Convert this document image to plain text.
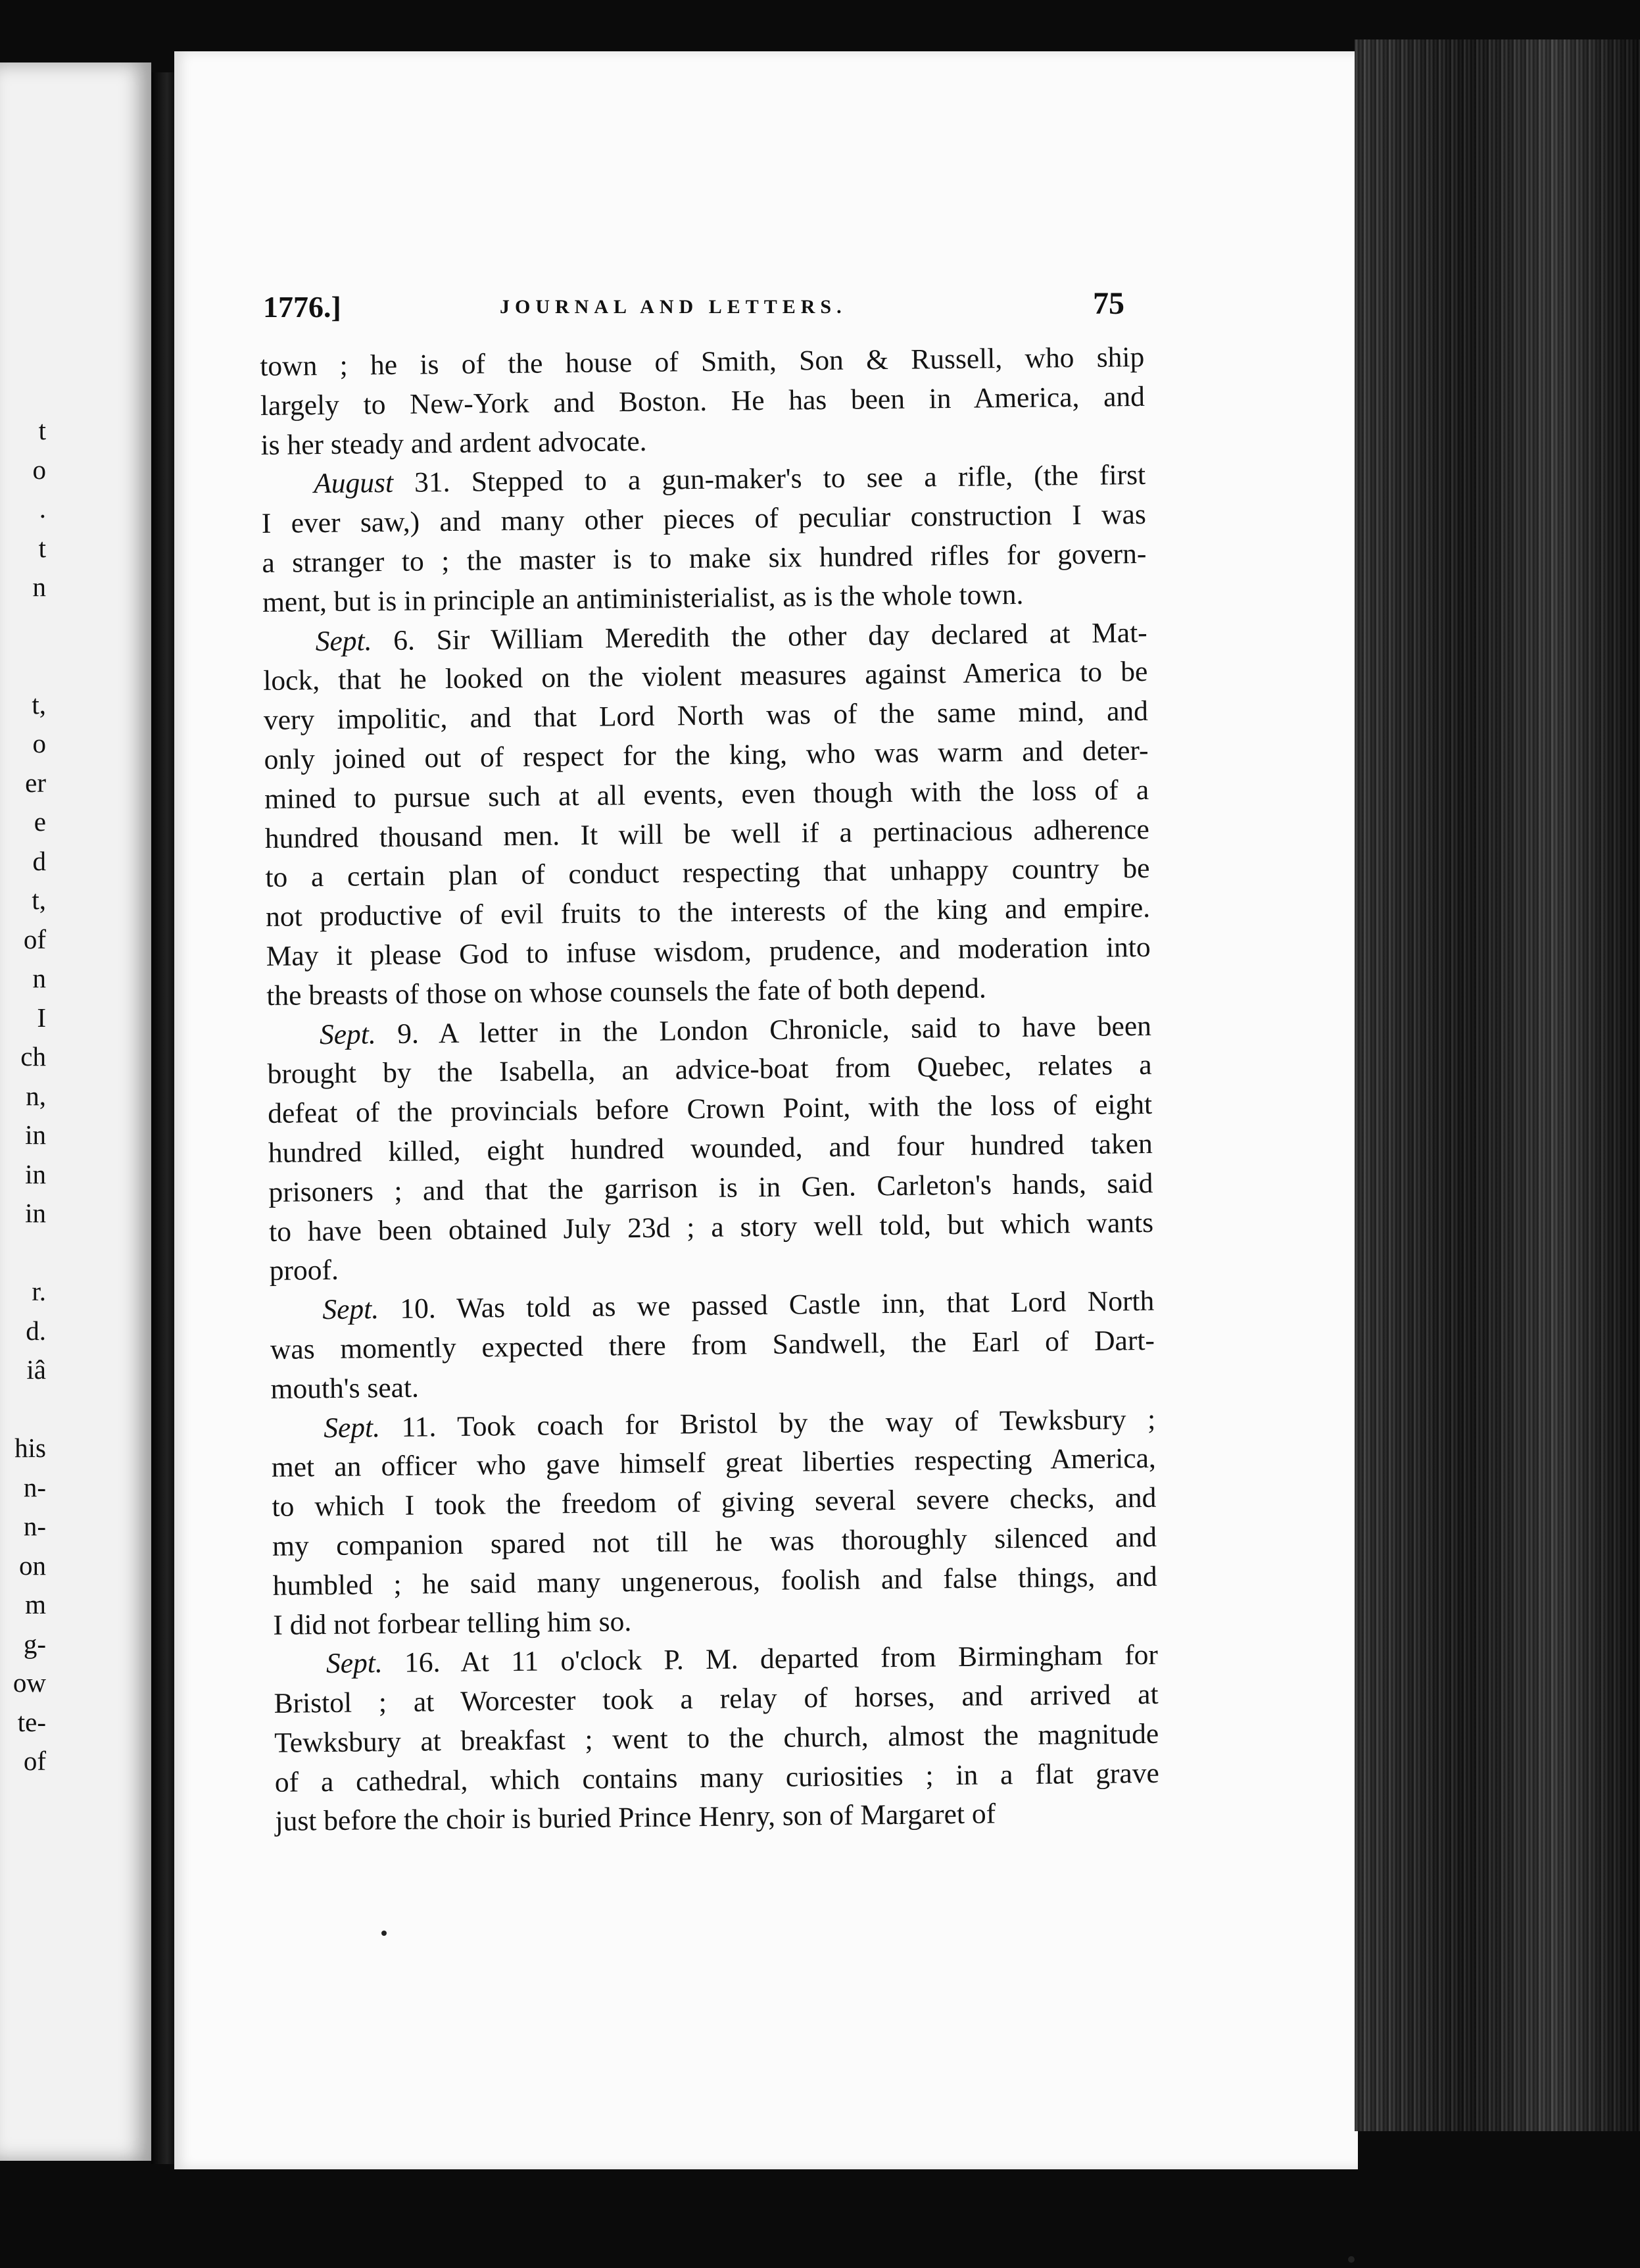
t
o
.
t
n
t,
o
er
e
d
t,
of
n
I
ch
n,
in
in
in
r.
d.
iâ
his
n-
n-
on
m
g-
ow
te-
of
1776.]	JOURNAL AND LETTERS.	75
town ; he is of the house of Smith, Son & Russell, who ship
largely to New-York and Boston. He has been in America, and
is her steady and ardent advocate.
August 31. Stepped to a gun-maker's to see a rifle, (the first
I ever saw,) and many other pieces of peculiar construction I was
a stranger to ; the master is to make six hundred rifles for govern-
ment, but is in principle an antiministerialist, as is the whole town.
Sept. 6. Sir William Meredith the other day declared at Mat-
lock, that he looked on the violent measures against America to be
very impolitic, and that Lord North was of the same mind, and
only joined out of respect for the king, who was warm and deter-
mined to pursue such at all events, even though with the loss of a
hundred thousand men. It will be well if a pertinacious adherence
to a certain plan of conduct respecting that unhappy country be
not productive of evil fruits to the interests of the king and empire.
May it please God to infuse wisdom, prudence, and moderation into
the breasts of those on whose counsels the fate of both depend.
Sept. 9. A letter in the London Chronicle, said to have been
brought by the Isabella, an advice-boat from Quebec, relates a
defeat of the provincials before Crown Point, with the loss of eight
hundred killed, eight hundred wounded, and four hundred taken
prisoners ; and that the garrison is in Gen. Carleton's hands, said
to have been obtained July 23d ; a story well told, but which wants
proof.
Sept. 10. Was told as we passed Castle inn, that Lord North
was momently expected there from Sandwell, the Earl of Dart-
mouth's seat.
Sept. 11. Took coach for Bristol by the way of Tewksbury ;
met an officer who gave himself great liberties respecting America,
to which I took the freedom of giving several severe checks, and
my companion spared not till he was thoroughly silenced and
humbled ; he said many ungenerous, foolish and false things, and
I did not forbear telling him so.
Sept. 16. At 11 o'clock P. M. departed from Birmingham for
Bristol ; at Worcester took a relay of horses, and arrived at
Tewksbury at breakfast ; went to the church, almost the magnitude
of a cathedral, which contains many curiosities ; in a flat grave
just before the choir is buried Prince Henry, son of Margaret of
